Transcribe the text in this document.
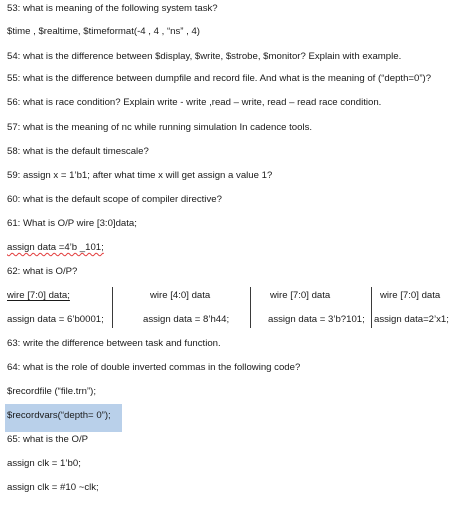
53: what is meaning of the following system task?
$time , $realtime, $timeformat(-4 , 4 , “ns” , 4)
54: what is the difference between $display, $write, $strobe, $monitor? Explain with example.
55: what is the difference between dumpfile and record file. And what is the meaning of (“depth=0”)?
56: what is race condition? Explain write - write ,read – write, read – read race condition.
57: what is the meaning of nc while running simulation In cadence tools.
58: what is the default timescale?
59: assign x = 1’b1; after what time x will get assign a value 1?
60: what is the default scope of compiler directive?
61: What is O/P wire [3:0]data;
assign data =4’b _101;
62: what is O/P?
wire [7:0] data;
assign data = 6’b0001;
wire [4:0] data
assign data = 8’h44;
wire [7:0] data
assign data = 3’b?101;
wire [7:0] data
assign data=2’x1;
63: write the difference between task and function.
64: what is the role of double inverted commas in the following code?
$recordfile (“file.trn”);
$recordvars(“depth= 0”);
65: what is the O/P
assign clk = 1’b0;
assign clk = #10 ~clk;
